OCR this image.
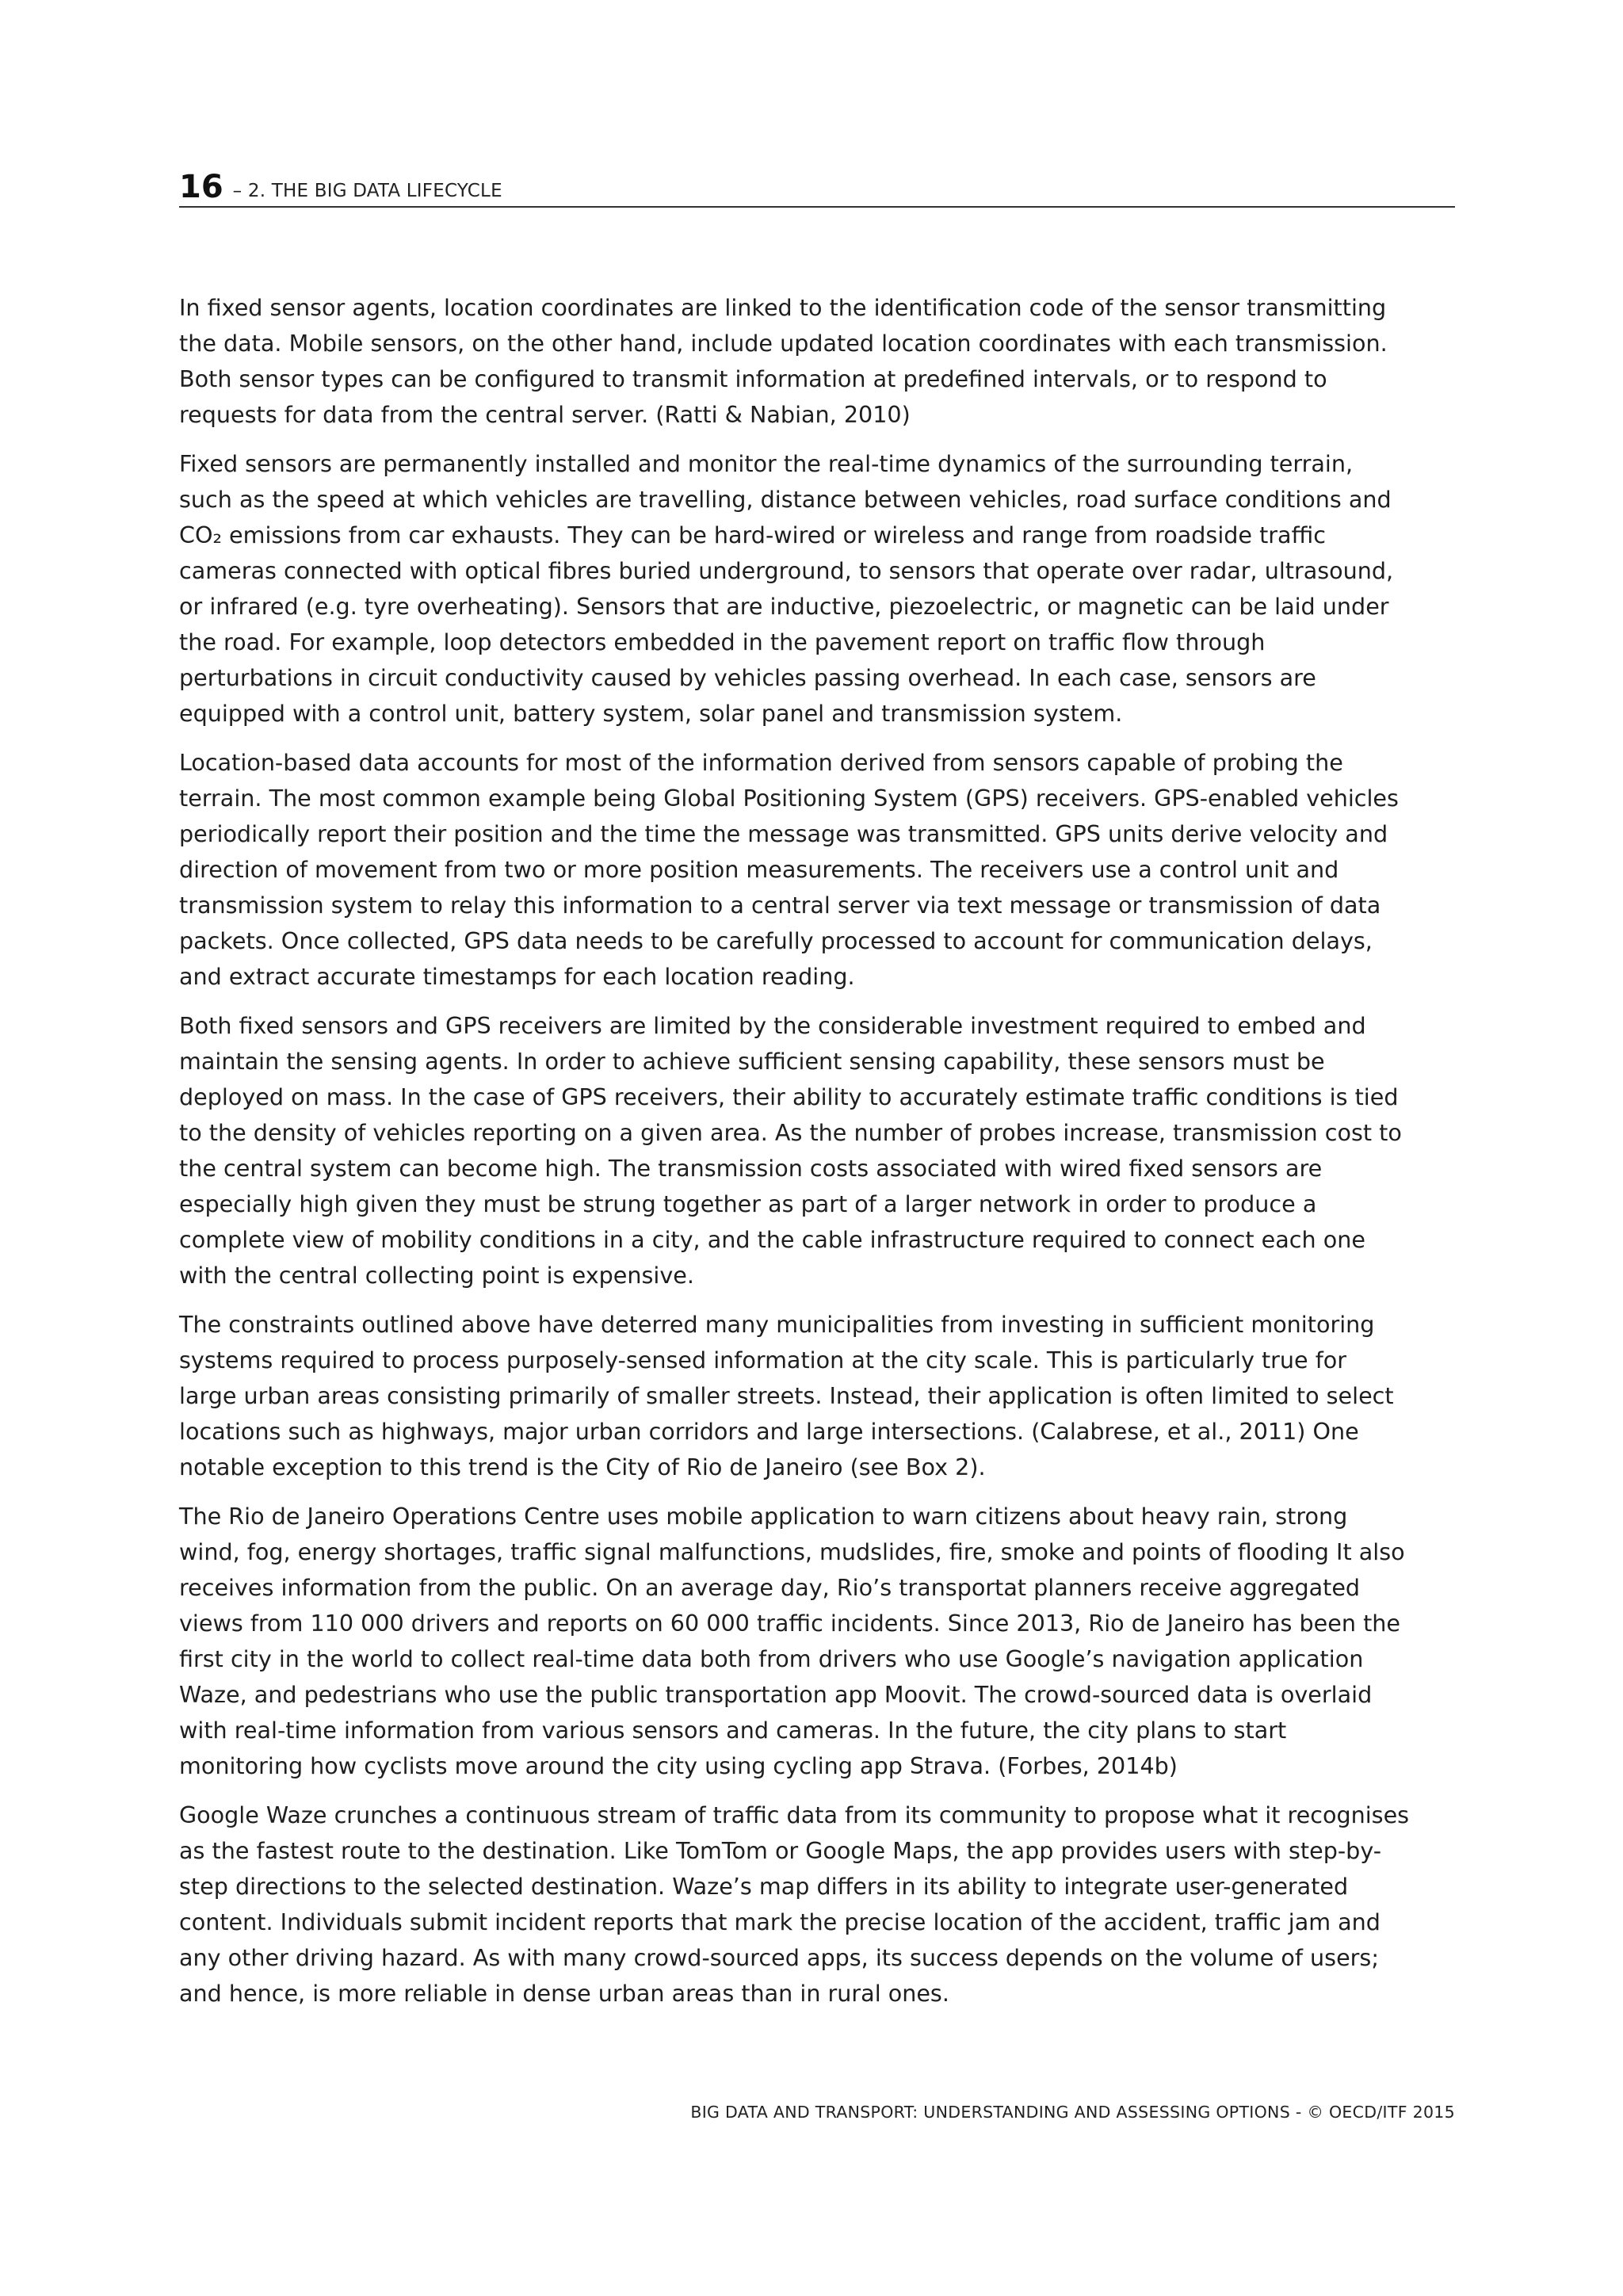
16 – 2. THE BIG DATA LIFECYCLE

In fixed sensor agents, location coordinates are linked to the identification code of the sensor transmitting
the data. Mobile sensors, on the other hand, include updated location coordinates with each transmission.
Both sensor types can be configured to transmit information at predefined intervals, or to respond to
requests for data from the central server. (Ratti & Nabian, 2010)

Fixed sensors are permanently installed and monitor the real-time dynamics of the surrounding terrain,
such as the speed at which vehicles are travelling, distance between vehicles, road surface conditions and
CO₂ emissions from car exhausts. They can be hard-wired or wireless and range from roadside traffic
cameras connected with optical fibres buried underground, to sensors that operate over radar, ultrasound,
or infrared (e.g. tyre overheating). Sensors that are inductive, piezoelectric, or magnetic can be laid under
the road. For example, loop detectors embedded in the pavement report on traffic flow through
perturbations in circuit conductivity caused by vehicles passing overhead. In each case, sensors are
equipped with a control unit, battery system, solar panel and transmission system.

Location-based data accounts for most of the information derived from sensors capable of probing the
terrain. The most common example being Global Positioning System (GPS) receivers. GPS-enabled vehicles
periodically report their position and the time the message was transmitted. GPS units derive velocity and
direction of movement from two or more position measurements. The receivers use a control unit and
transmission system to relay this information to a central server via text message or transmission of data
packets. Once collected, GPS data needs to be carefully processed to account for communication delays,
and extract accurate timestamps for each location reading.

Both fixed sensors and GPS receivers are limited by the considerable investment required to embed and
maintain the sensing agents. In order to achieve sufficient sensing capability, these sensors must be
deployed on mass. In the case of GPS receivers, their ability to accurately estimate traffic conditions is tied
to the density of vehicles reporting on a given area. As the number of probes increase, transmission cost to
the central system can become high. The transmission costs associated with wired fixed sensors are
especially high given they must be strung together as part of a larger network in order to produce a
complete view of mobility conditions in a city, and the cable infrastructure required to connect each one
with the central collecting point is expensive.

The constraints outlined above have deterred many municipalities from investing in sufficient monitoring
systems required to process purposely-sensed information at the city scale. This is particularly true for
large urban areas consisting primarily of smaller streets. Instead, their application is often limited to select
locations such as highways, major urban corridors and large intersections. (Calabrese, et al., 2011) One
notable exception to this trend is the City of Rio de Janeiro (see Box 2).

The Rio de Janeiro Operations Centre uses mobile application to warn citizens about heavy rain, strong
wind, fog, energy shortages, traffic signal malfunctions, mudslides, fire, smoke and points of flooding It also
receives information from the public. On an average day, Rio’s transportat planners receive aggregated
views from 110 000 drivers and reports on 60 000 traffic incidents. Since 2013, Rio de Janeiro has been the
first city in the world to collect real-time data both from drivers who use Google’s navigation application
Waze, and pedestrians who use the public transportation app Moovit. The crowd-sourced data is overlaid
with real-time information from various sensors and cameras. In the future, the city plans to start
monitoring how cyclists move around the city using cycling app Strava. (Forbes, 2014b)

Google Waze crunches a continuous stream of traffic data from its community to propose what it recognises
as the fastest route to the destination. Like TomTom or Google Maps, the app provides users with step-by-
step directions to the selected destination. Waze’s map differs in its ability to integrate user-generated
content. Individuals submit incident reports that mark the precise location of the accident, traffic jam and
any other driving hazard. As with many crowd-sourced apps, its success depends on the volume of users;
and hence, is more reliable in dense urban areas than in rural ones.

BIG DATA AND TRANSPORT: UNDERSTANDING AND ASSESSING OPTIONS - © OECD/ITF 2015
